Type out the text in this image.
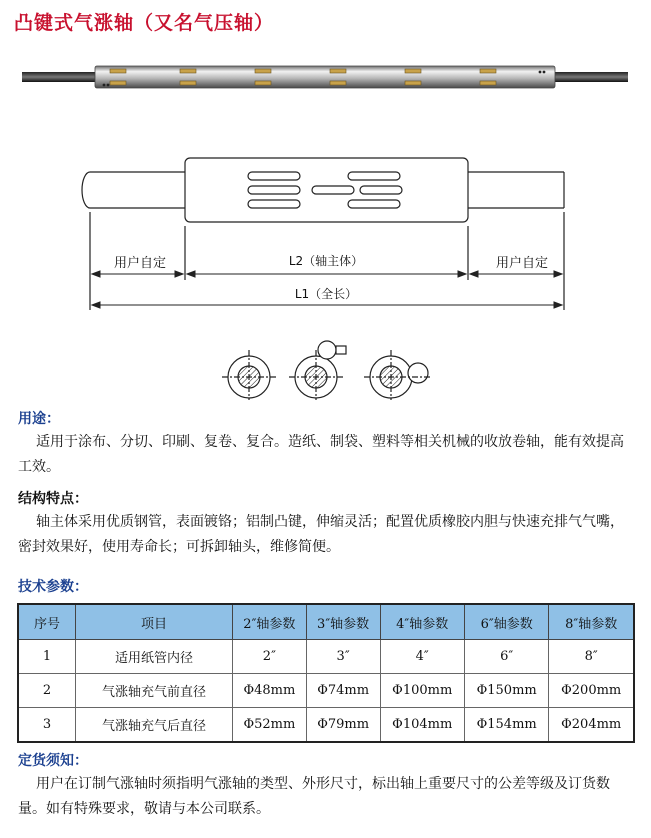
凸键式气涨轴（又名气压轴）
用户自定	用户自定
L2（轴主体）
L1（全长）
用途：
适用于涂布、分切、印刷、复卷、复合。造纸、制袋、塑料等相关机械的收放卷轴，能有效提高工效。
结构特点：
轴主体采用优质钢管，表面镀铬；铝制凸键，伸缩灵活；配置优质橡胶内胆与快速充排气气嘴，密封效果好，使用寿命长；可拆卸轴头，维修简便。
技术参数：
序号	项目	2″轴参数	3″轴参数	4″轴参数	6″轴参数	8″轴参数
1	适用纸管内径	2″	3″	4″	6″	8″
2	气涨轴充气前直径	Φ48mm	Φ74mm	Φ100mm	Φ150mm	Φ200mm
3	气涨轴充气后直径	Φ52mm	Φ79mm	Φ104mm	Φ154mm	Φ204mm
定货须知：
用户在订制气涨轴时须指明气涨轴的类型、外形尺寸，标出轴上重要尺寸的公差等级及订货数量。如有特殊要求，敬请与本公司联系。
